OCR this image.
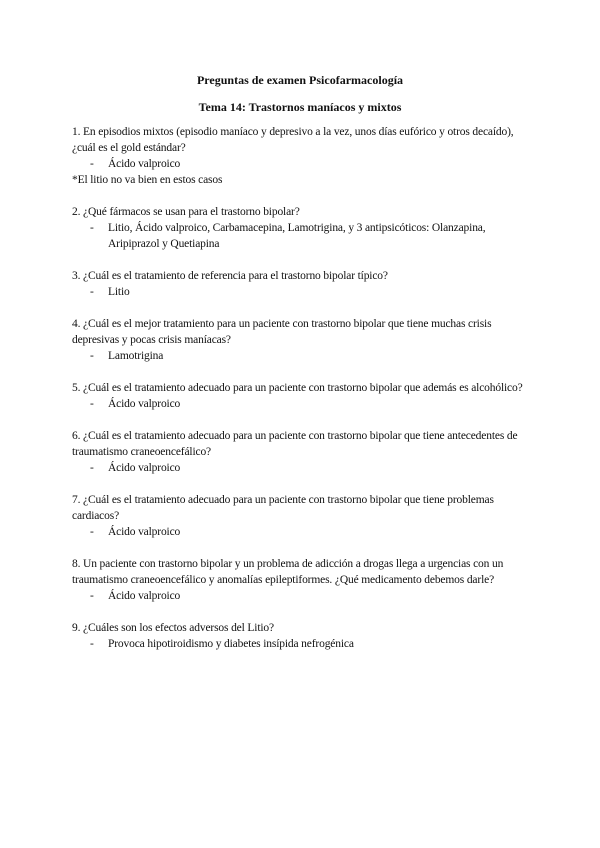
Preguntas de examen Psicofarmacología
Tema 14: Trastornos maníacos y mixtos

1. En episodios mixtos (episodio maníaco y depresivo a la vez, unos días eufórico y otros decaído), ¿cuál es el gold estándar?

- Ácido valproico

*El litio no va bien en estos casos

2. ¿Qué fármacos se usan para el trastorno bipolar?

- Litio, Ácido valproico, Carbamacepina, Lamotrigina, y 3 antipsicóticos: Olanzapina, Aripiprazol y Quetiapina

3. ¿Cuál es el tratamiento de referencia para el trastorno bipolar típico?

- Litio

4. ¿Cuál es el mejor tratamiento para un paciente con trastorno bipolar que tiene muchas crisis depresivas y pocas crisis maníacas?

- Lamotrigina

5. ¿Cuál es el tratamiento adecuado para un paciente con trastorno bipolar que además es alcohólico?

- Ácido valproico

6. ¿Cuál es el tratamiento adecuado para un paciente con trastorno bipolar que tiene antecedentes de traumatismo craneoencefálico?

- Ácido valproico

7. ¿Cuál es el tratamiento adecuado para un paciente con trastorno bipolar que tiene problemas cardiacos?

- Ácido valproico

8. Un paciente con trastorno bipolar y un problema de adicción a drogas llega a urgencias con un traumatismo craneoencefálico y anomalías epileptiformes. ¿Qué medicamento debemos darle?

- Ácido valproico

9. ¿Cuáles son los efectos adversos del Litio?

- Provoca hipotiroidismo y diabetes insípida nefrogénica
